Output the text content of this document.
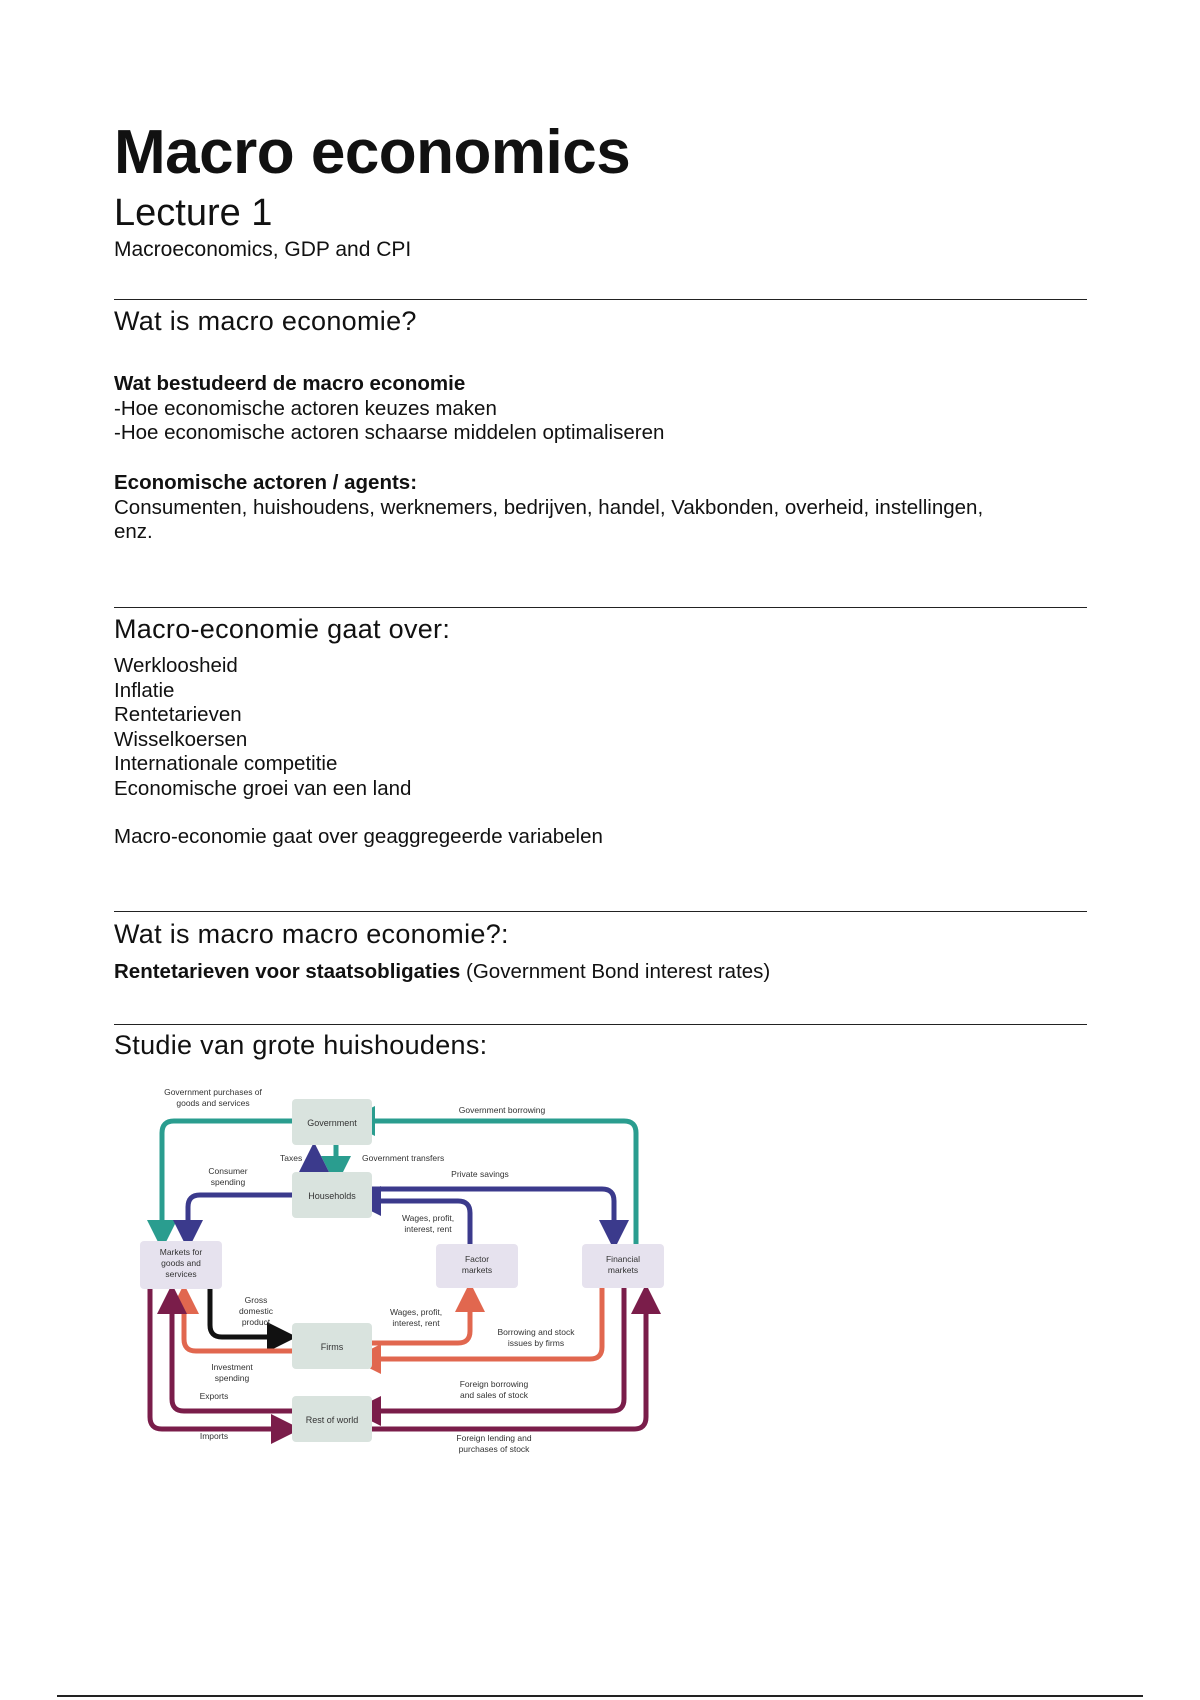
Macro economics
Lecture 1
Macroeconomics, GDP and CPI
Wat is macro economie?
Wat bestudeerd de macro economie
-Hoe economische actoren keuzes maken
-Hoe economische actoren schaarse middelen optimaliseren
Economische actoren / agents:
Consumenten, huishoudens, werknemers, bedrijven, handel, Vakbonden, overheid, instellingen,
enz.
Macro-economie gaat over:
Werkloosheid
Inflatie
Rentetarieven
Wisselkoersen
Internationale competitie
Economische groei van een land
Macro-economie gaat over geaggregeerde variabelen
Wat is macro macro economie?:
Rentetarieven voor staatsobligaties (Government Bond interest rates)
Studie van grote huishoudens:
Government
Households
Markets for
goods and
services
Factor
markets
Financial
markets
Firms
Rest of world
Government purchases of
goods and services
Government borrowing
Taxes	Government transfers
Consumer
spending
Private savings
Wages, profit,
interest, rent
Gross
domestic
product
Wages, profit,
interest, rent
Borrowing and stock
issues by firms
Investment
spending
Exports
Foreign borrowing
and sales of stock
Imports	Foreign lending and
purchases of stock
